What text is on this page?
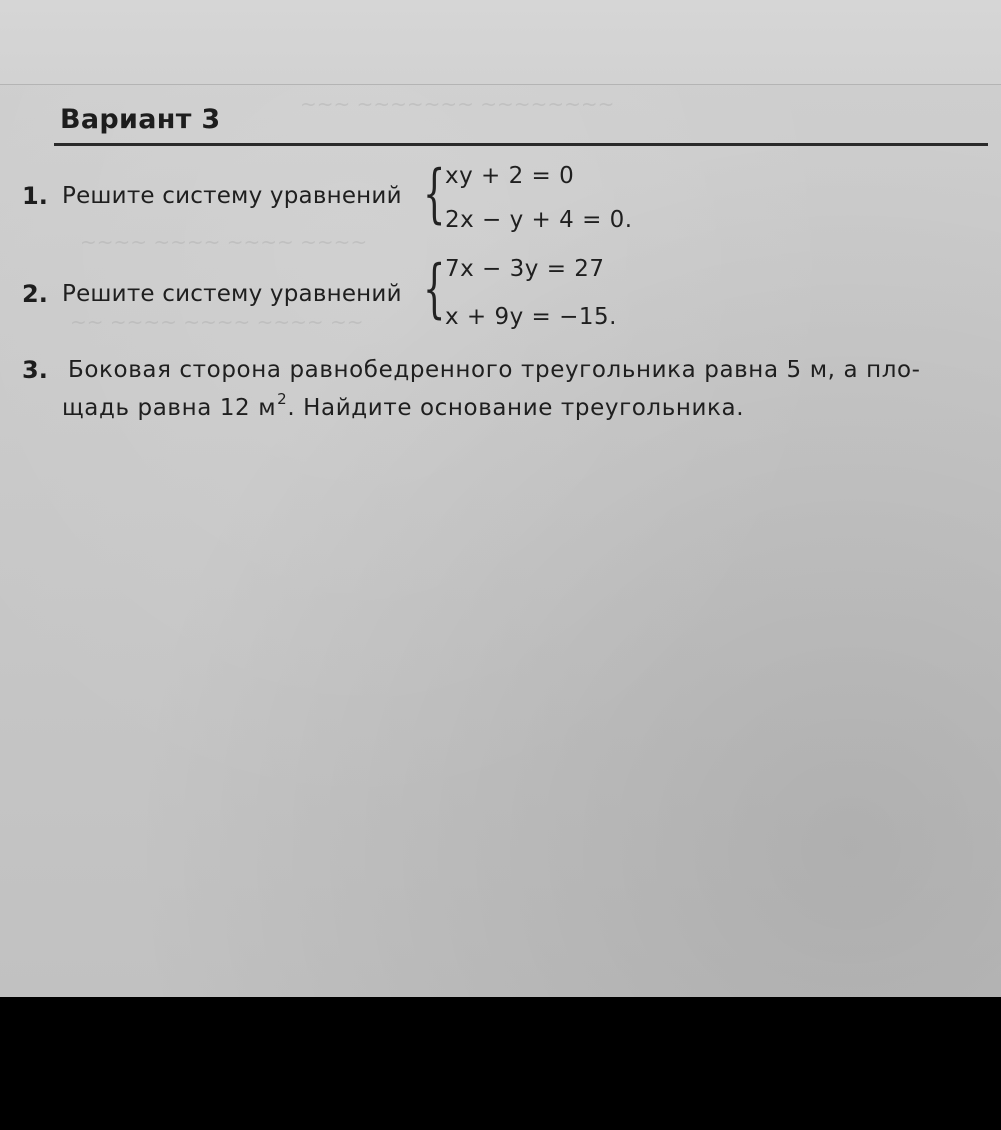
~~~ ~~~~~~~ ~~~~~~~~
~~~~ ~~~~ ~~~~ ~~~~
~~ ~~~~ ~~~~ ~~~~ ~~
Вариант 3
1. Решите систему уравнений { xy + 2 = 0
2x − y + 4 = 0.
2. Решите систему уравнений { 7x − 3y = 27
x + 9y = −15.
3. Боковая сторона равнобедренного треугольника равна 5 м, а пло-
щадь равна 12 $м^2$. Найдите основание треугольника.
